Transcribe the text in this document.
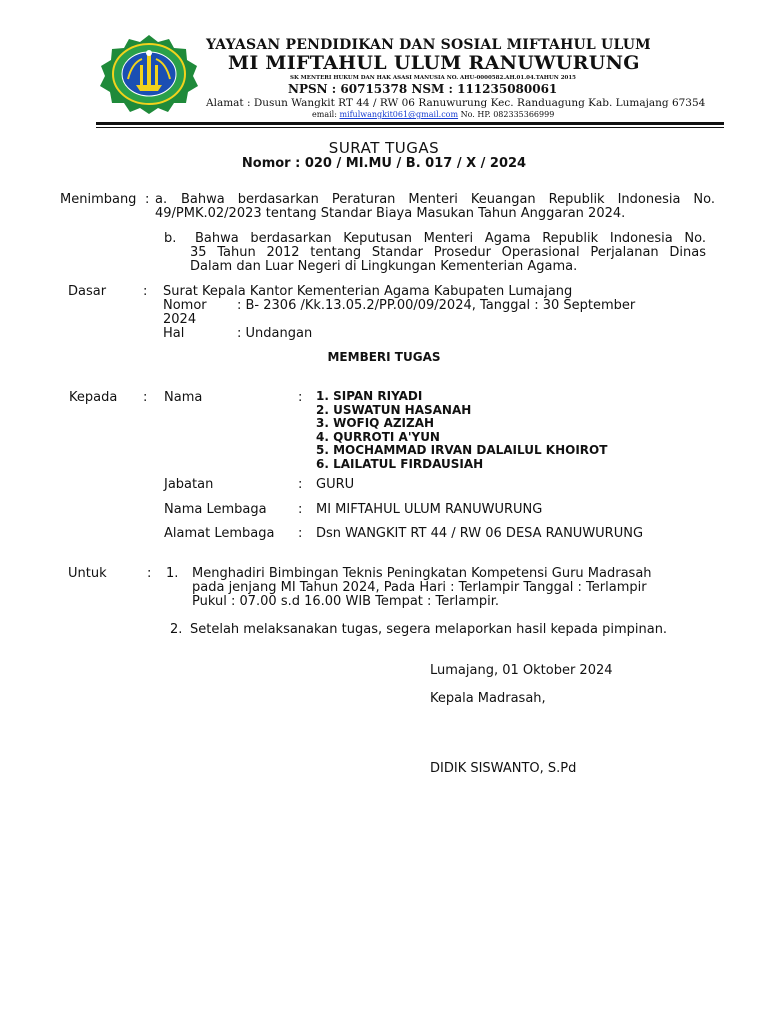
YAYASAN PENDIDIKAN DAN SOSIAL MIFTAHUL ULUM
MI MIFTAHUL ULUM RANUWURUNG
SK MENTERI HUKUM DAN HAK ASASI MANUSIA NO. AHU-0000582.AH.01.04.TAHUN 2015
NPSN : 60715378 NSM : 111235080061
Alamat : Dusun Wangkit RT 44 / RW 06 Ranuwurung Kec. Randuagung Kab. Lumajang 67354
email: mifulwangkit061@gmail.com No. HP. 082335366999
SURAT TUGAS
Nomor : 020 / MI.MU / B. 017 / X / 2024
Menimbang : a. Bahwa berdasarkan Peraturan Menteri Keuangan Republik Indonesia No.
49/PMK.02/2023 tentang Standar Biaya Masukan Tahun Anggaran 2024.
b. Bahwa berdasarkan Keputusan Menteri Agama Republik Indonesia No.
35 Tahun 2012 tentang Standar Prosedur Operasional Perjalanan Dinas
Dalam dan Luar Negeri di Lingkungan Kementerian Agama.
Dasar	: Surat Kepala Kantor Kementerian Agama Kabupaten Lumajang
Nomor : B- 2306 /Kk.13.05.2/PP.00/09/2024, Tanggal : 30 September
2024
Hal	: Undangan
MEMBERI TUGAS
Kepada : Nama	: 1. SIPAN RIYADI
2. USWATUN HASANAH
3. WOFIQ AZIZAH
4. QURROTI A'YUN
5. MOCHAMMAD IRVAN DALAILUL KHOIROT
6. LAILATUL FIRDAUSIAH
Jabatan	: GURU
Nama Lembaga : MI MIFTAHUL ULUM RANUWURUNG
Alamat Lembaga : Dsn WANGKIT RT 44 / RW 06 DESA RANUWURUNG
Untuk	: 1. Menghadiri Bimbingan Teknis Peningkatan Kompetensi Guru Madrasah
pada jenjang MI Tahun 2024, Pada Hari : Terlampir Tanggal : Terlampir
Pukul : 07.00 s.d 16.00 WIB Tempat : Terlampir.
2. Setelah melaksanakan tugas, segera melaporkan hasil kepada pimpinan.
Lumajang, 01 Oktober 2024
Kepala Madrasah,
DIDIK SISWANTO, S.Pd
